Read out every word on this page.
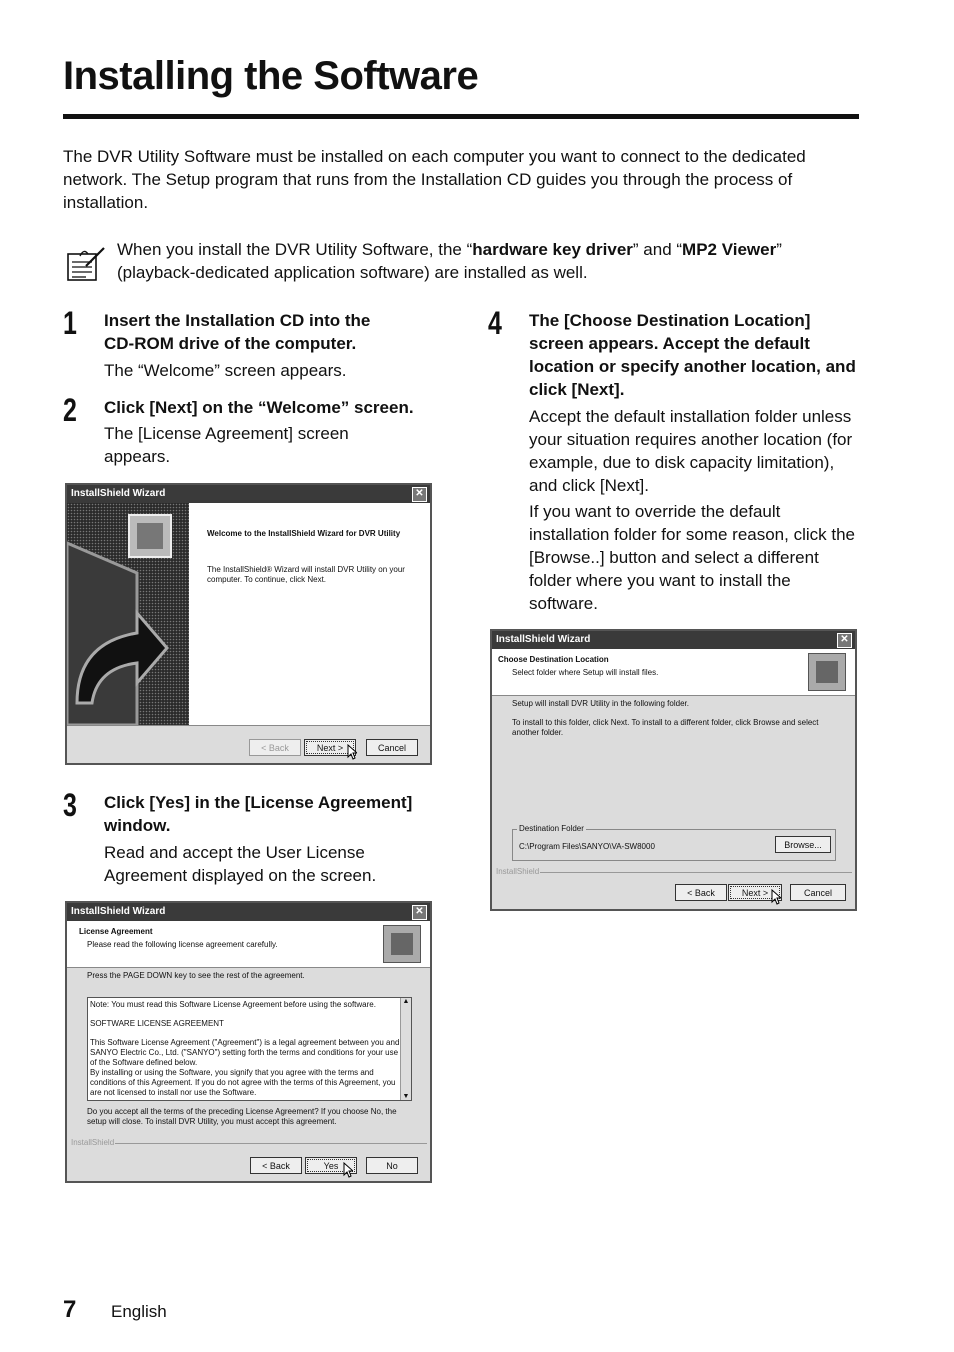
Installing the Software
The DVR Utility Software must be installed on each computer you want to connect to the dedicated network. The Setup program that runs from the Installation CD guides you through the process of installation.
When you install the DVR Utility Software, the “hardware key driver” and “MP2 Viewer” (playback-dedicated application software) are installed as well.
1 Insert the Installation CD into the CD-ROM drive of the computer.
The “Welcome” screen appears.
2 Click [Next] on the “Welcome” screen.
The [License Agreement] screen appears.
InstallShield Wizard	✕
Welcome to the InstallShield Wizard for DVR Utility
The InstallShield® Wizard will install DVR Utility on your computer. To continue, click Next.
< Back	Next >	Cancel
3 Click [Yes] in the [License Agreement] window.
Read and accept the User License Agreement displayed on the screen.
InstallShield Wizard	✕
License Agreement
Please read the following license agreement carefully.
Press the PAGE DOWN key to see the rest of the agreement.
Note: You must read this Software License Agreement before using the software.
SOFTWARE LICENSE AGREEMENT
This Software License Agreement ("Agreement") is a legal agreement between you and SANYO Electric Co., Ltd. ("SANYO") setting forth the terms and conditions for your use of the Software defined below.
By installing or using the Software, you signify that you agree with the terms and conditions of this Agreement. If you do not agree with the terms of this Agreement, you are not licensed to install nor use the Software.
▲
▼
Do you accept all the terms of the preceding License Agreement? If you choose No, the setup will close. To install DVR Utility, you must accept this agreement.
InstallShield
< Back	Yes	No
4 The [Choose Destination Location] screen appears. Accept the default location or specify another location, and click [Next].
Accept the default installation folder unless your situation requires another location (for example, due to disk capacity limitation), and click [Next].
If you want to override the default installation folder for some reason, click the [Browse..] button and select a different folder where you want to install the software.
InstallShield Wizard	✕
Choose Destination Location
Select folder where Setup will install files.
Setup will install DVR Utility in the following folder.
To install to this folder, click Next. To install to a different folder, click Browse and select another folder.
Destination Folder
C:\Program Files\SANYO\VA-SW8000	Browse...
InstallShield
< Back	Next >	Cancel
7 English
